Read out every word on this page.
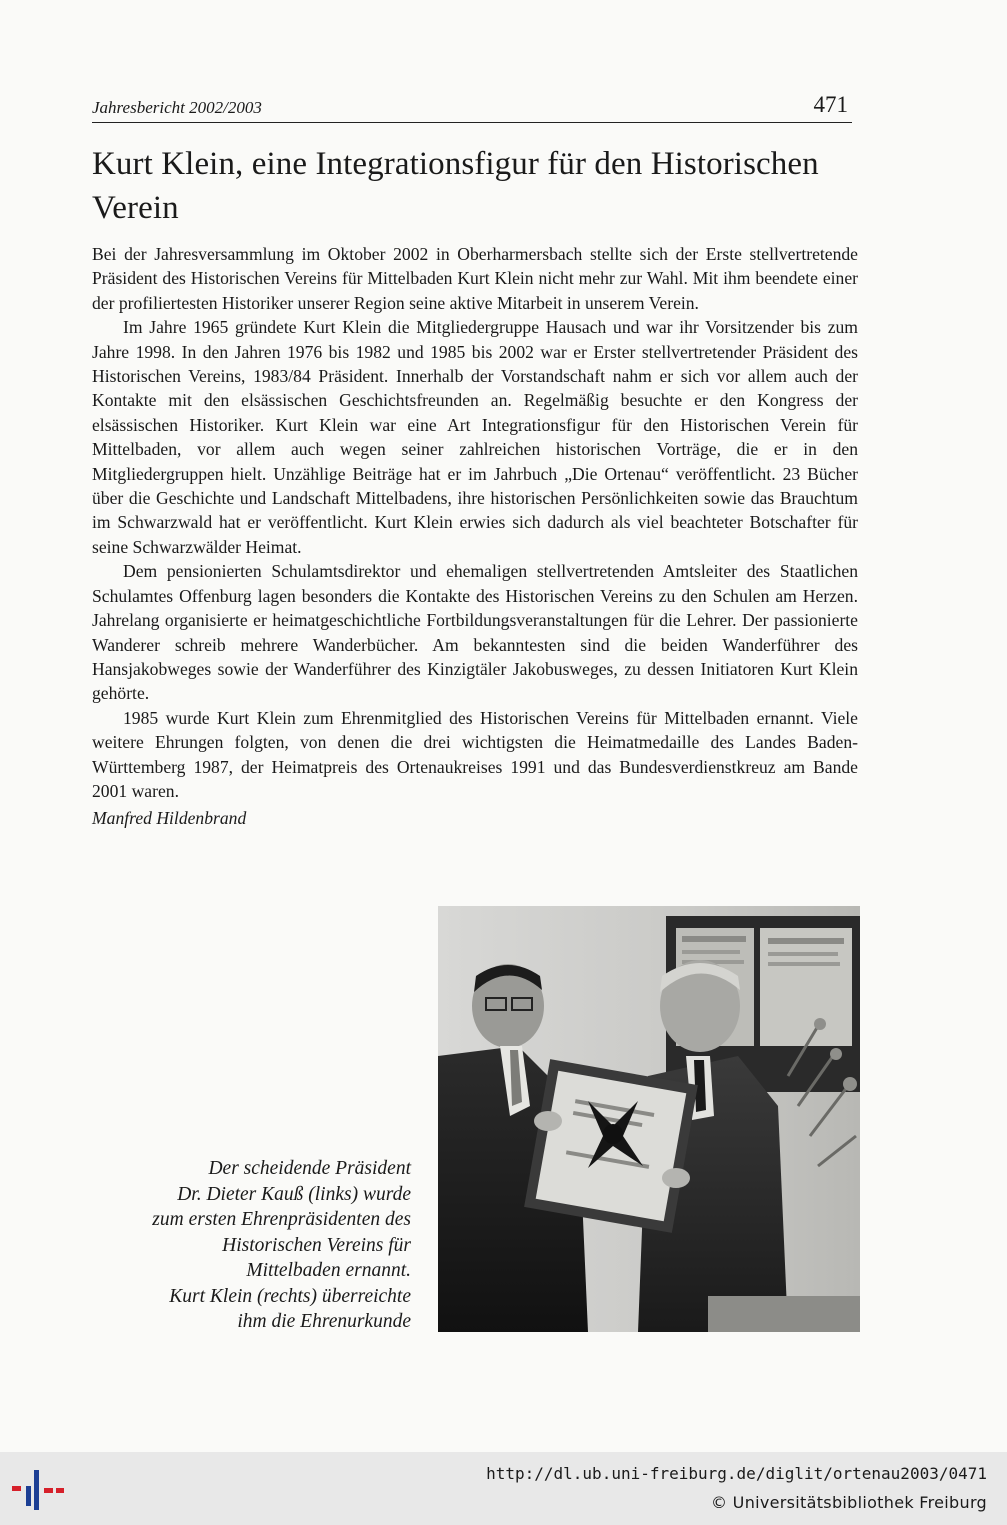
Jahresbericht 2002/2003	471
Kurt Klein, eine Integrationsfigur für den Historischen Verein

Bei der Jahresversammlung im Oktober 2002 in Oberharmersbach stellte sich der Erste stellvertretende Präsident des Historischen Vereins für Mittelbaden Kurt Klein nicht mehr zur Wahl. Mit ihm beendete einer der profiliertesten Historiker unserer Region seine aktive Mitarbeit in unserem Verein.

Im Jahre 1965 gründete Kurt Klein die Mitgliedergruppe Hausach und war ihr Vorsitzender bis zum Jahre 1998. In den Jahren 1976 bis 1982 und 1985 bis 2002 war er Erster stellvertretender Präsident des Historischen Vereins, 1983/84 Präsident. Innerhalb der Vorstandschaft nahm er sich vor allem auch der Kontakte mit den elsässischen Geschichtsfreunden an. Regelmäßig besuchte er den Kongress der elsässischen Historiker. Kurt Klein war eine Art Integrationsfigur für den Historischen Verein für Mittelbaden, vor allem auch wegen seiner zahlreichen historischen Vorträge, die er in den Mitgliedergruppen hielt. Unzählige Beiträge hat er im Jahrbuch „Die Ortenau“ veröffentlicht. 23 Bücher über die Geschichte und Landschaft Mittelbadens, ihre historischen Persönlichkeiten sowie das Brauchtum im Schwarzwald hat er veröffentlicht. Kurt Klein erwies sich dadurch als viel beachteter Botschafter für seine Schwarzwälder Heimat.

Dem pensionierten Schulamtsdirektor und ehemaligen stellvertretenden Amtsleiter des Staatlichen Schulamtes Offenburg lagen besonders die Kontakte des Historischen Vereins zu den Schulen am Herzen. Jahrelang organisierte er heimatgeschichtliche Fortbildungsveranstaltungen für die Lehrer. Der passionierte Wanderer schreib mehrere Wanderbücher. Am bekanntesten sind die beiden Wanderführer des Hansjakobweges sowie der Wanderführer des Kinzigtäler Jakobusweges, zu dessen Initiatoren Kurt Klein gehörte.

1985 wurde Kurt Klein zum Ehrenmitglied des Historischen Vereins für Mittelbaden ernannt. Viele weitere Ehrungen folgten, von denen die drei wichtigsten die Heimatmedaille des Landes Baden-Württemberg 1987, der Heimatpreis des Ortenaukreises 1991 und das Bundesverdienstkreuz am Bande 2001 waren.

Manfred Hildenbrand

Der scheidende Präsident
Dr. Dieter Kauß (links) wurde
zum ersten Ehrenpräsidenten des
Historischen Vereins für
Mittelbaden ernannt.
Kurt Klein (rechts) überreichte
ihm die Ehrenurkunde
http://dl.ub.uni-freiburg.de/diglit/ortenau2003/0471
© Universitätsbibliothek Freiburg
